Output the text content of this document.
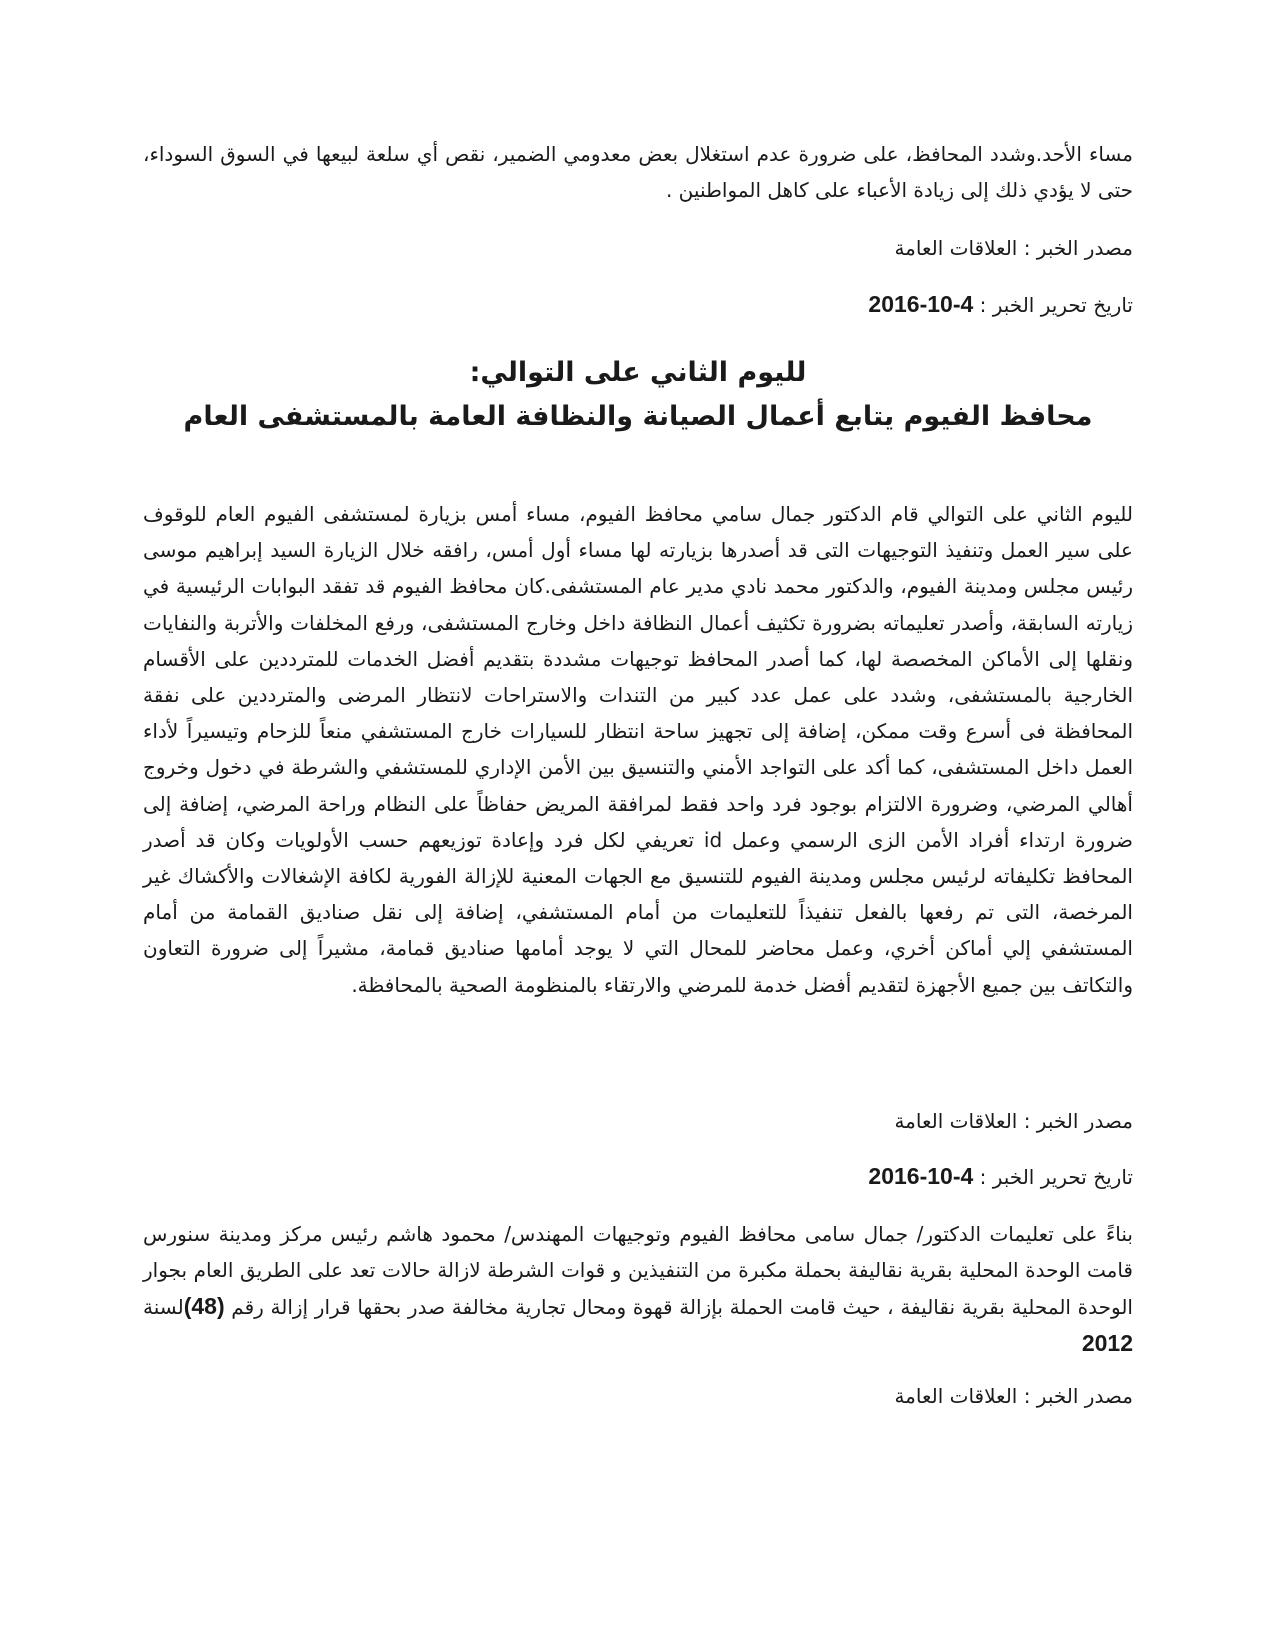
مساء الأحد.وشدد المحافظ، على ضرورة عدم استغلال بعض معدومي الضمير، نقص أي سلعة لبيعها في السوق السوداء، حتى لا يؤدي ذلك إلى زيادة الأعباء على كاهل المواطنين .

مصدر الخبر : العلاقات العامة

تاريخ تحرير الخبر : 2016-10-4

لليوم الثاني على التوالي:

محافظ الفيوم يتابع أعمال الصيانة والنظافة العامة بالمستشفى العام

لليوم الثاني على التوالي قام الدكتور جمال سامي محافظ الفيوم، مساء أمس بزيارة لمستشفى الفيوم العام للوقوف على سير العمل وتنفيذ التوجيهات التى قد أصدرها بزيارته لها مساء أول أمس، رافقه خلال الزيارة السيد إبراهيم موسى رئيس مجلس ومدينة الفيوم، والدكتور محمد نادي مدير عام المستشفى.كان محافظ الفيوم قد تفقد البوابات الرئيسية في زيارته السابقة، وأصدر تعليماته بضرورة تكثيف أعمال النظافة داخل وخارج المستشفى، ورفع المخلفات والأتربة والنفايات ونقلها إلى الأماكن المخصصة لها، كما أصدر المحافظ توجيهات مشددة بتقديم أفضل الخدمات للمترددين على الأقسام الخارجية بالمستشفى، وشدد على عمل عدد كبير من التندات والاستراحات لانتظار المرضى والمترددين على نفقة المحافظة فى أسرع وقت ممكن، إضافة إلى تجهيز ساحة انتظار للسيارات خارج المستشفي منعاً للزحام وتيسيراً لأداء العمل داخل المستشفى، كما أكد على التواجد الأمني والتنسيق بين الأمن الإداري للمستشفي والشرطة في دخول وخروج أهالي المرضي، وضرورة الالتزام بوجود فرد واحد فقط لمرافقة المريض حفاظاً على النظام وراحة المرضي، إضافة إلى ضرورة ارتداء أفراد الأمن الزى الرسمي وعمل id تعريفي لكل فرد وإعادة توزيعهم حسب الأولويات وكان قد أصدر المحافظ تكليفاته لرئيس مجلس ومدينة الفيوم للتنسيق مع الجهات المعنية للإزالة الفورية لكافة الإشغالات والأكشاك غير المرخصة، التى تم رفعها بالفعل تنفيذاً للتعليمات من أمام المستشفي، إضافة إلى نقل صناديق القمامة من أمام المستشفي إلي أماكن أخري، وعمل محاضر للمحال التي لا يوجد أمامها صناديق قمامة، مشيراً إلى ضرورة التعاون والتكاتف بين جميع الأجهزة لتقديم أفضل خدمة للمرضي والارتقاء بالمنظومة الصحية بالمحافظة.

مصدر الخبر : العلاقات العامة

تاريخ تحرير الخبر : 2016-10-4

بناءً على تعليمات الدكتور/ جمال سامى محافظ الفيوم وتوجيهات المهندس/ محمود هاشم رئيس مركز ومدينة سنورس قامت الوحدة المحلية بقرية نقاليفة بحملة مكبرة من التنفيذين و قوات الشرطة لازالة حالات تعد على الطريق العام بجوار الوحدة المحلية بقرية نقاليفة ، حيث قامت الحملة بإزالة قهوة ومحال تجارية مخالفة صدر بحقها قرار إزالة رقم (48)لسنة 2012

مصدر الخبر : العلاقات العامة
